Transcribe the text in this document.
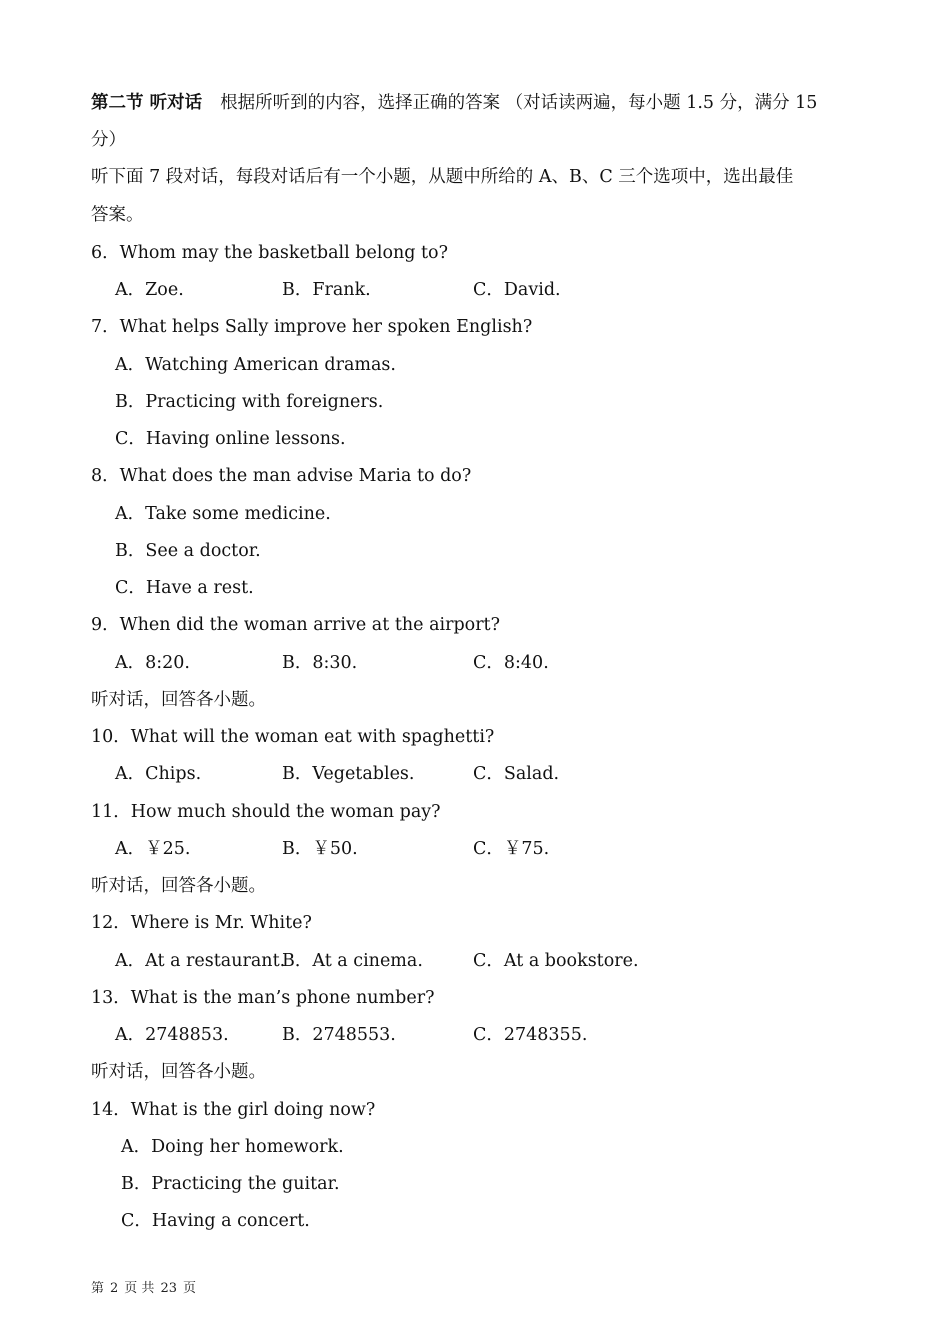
第二节 听对话 根据所听到的内容，选择正确的答案 （对话读两遍，每小题 1.5 分，满分 15
分）
听下面 7 段对话，每段对话后有一个小题，从题中所给的 A、B、C 三个选项中，选出最佳
答案。
6．Whom may the basketball belong to?
A．Zoe.	B．Frank.	C．David.
7．What helps Sally improve her spoken English?
A．Watching American dramas.
B．Practicing with foreigners.
C．Having online lessons.
8．What does the man advise Maria to do?
A．Take some medicine.
B．See a doctor.
C．Have a rest.
9．When did the woman arrive at the airport?
A．8:20.	B．8:30.	C．8:40.
听对话，回答各小题。
10．What will the woman eat with spaghetti?
A．Chips.	B．Vegetables.	C．Salad.
11．How much should the woman pay?
A．￥25.	B．￥50.	C．￥75.
听对话，回答各小题。
12．Where is Mr. White?
A．At a restaurant.
B．At a cinema.	C．At a bookstore.
13．What is the man’s phone number?
A．2748853.	B．2748553.	C．2748355.
听对话，回答各小题。
14．What is the girl doing now?
A．Doing her homework.
B．Practicing the guitar.
C．Having a concert.
第 2 页 共 23 页
